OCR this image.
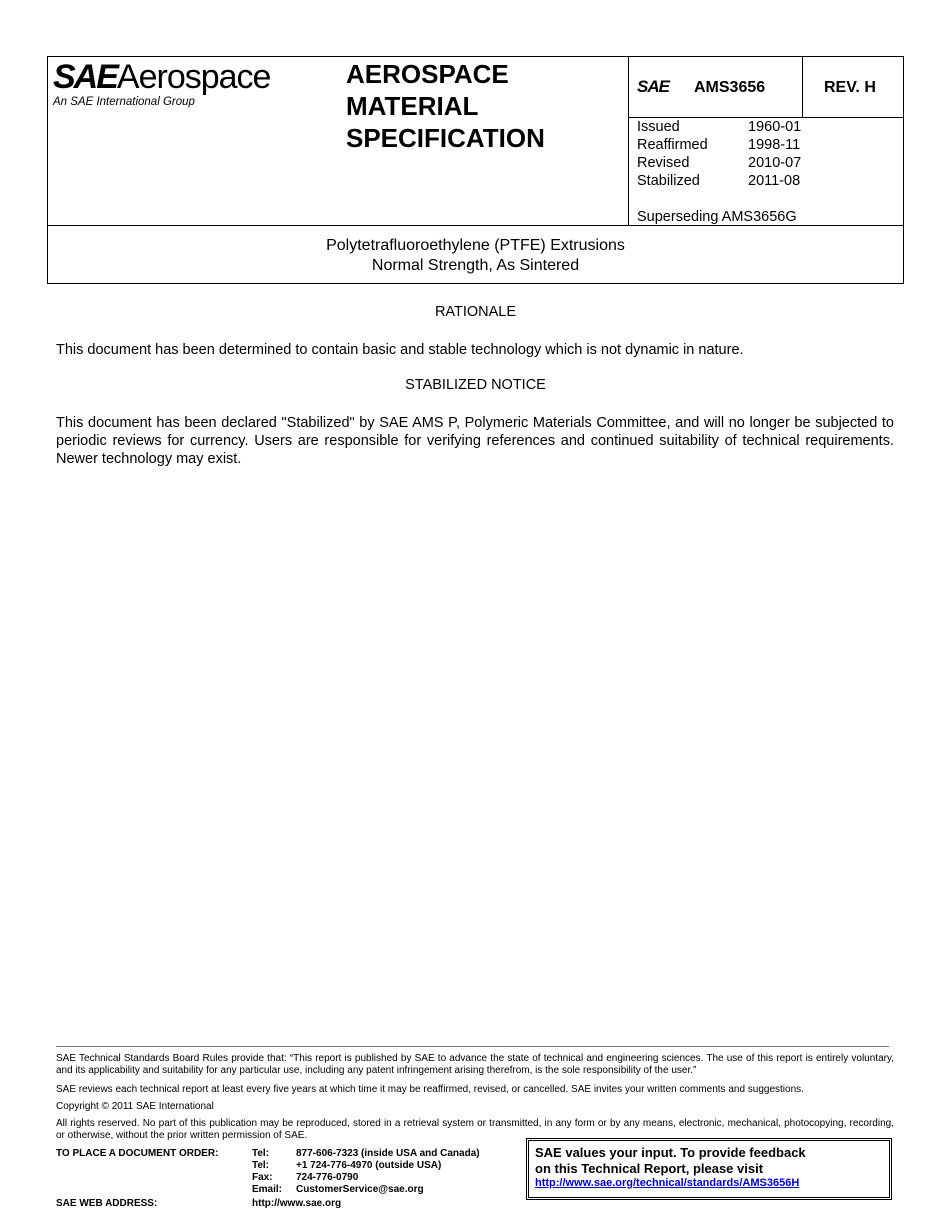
SAEAerospace
An SAE International Group
AEROSPACE
MATERIAL
SPECIFICATION
SAE AMS3656	REV. H
Issued	1960-01
Reaffirmed	1998-11
Revised	2010-07
Stabilized	2011-08
Superseding AMS3656G
Polytetrafluoroethylene (PTFE) Extrusions
Normal Strength, As Sintered
RATIONALE
This document has been determined to contain basic and stable technology which is not dynamic in nature.
STABILIZED NOTICE
This document has been declared "Stabilized" by SAE AMS P, Polymeric Materials Committee, and will no longer be subjected to periodic reviews for currency. Users are responsible for verifying references and continued suitability of technical requirements. Newer technology may exist.
SAE Technical Standards Board Rules provide that: “This report is published by SAE to advance the state of technical and engineering sciences. The use of this report is entirely voluntary, and its applicability and suitability for any particular use, including any patent infringement arising therefrom, is the sole responsibility of the user.”
SAE reviews each technical report at least every five years at which time it may be reaffirmed, revised, or cancelled. SAE invites your written comments and suggestions.
Copyright © 2011 SAE International
All rights reserved. No part of this publication may be reproduced, stored in a retrieval system or transmitted, in any form or by any means, electronic, mechanical, photocopying, recording, or otherwise, without the prior written permission of SAE.
TO PLACE A DOCUMENT ORDER:	Tel:	877-606-7323 (inside USA and Canada)
Tel:	+1 724-776-4970 (outside USA)
Fax:	724-776-0790
Email:	CustomerService@sae.org
SAE WEB ADDRESS:	http://www.sae.org
SAE values your input. To provide feedback
on this Technical Report, please visit
http://www.sae.org/technical/standards/AMS3656H
